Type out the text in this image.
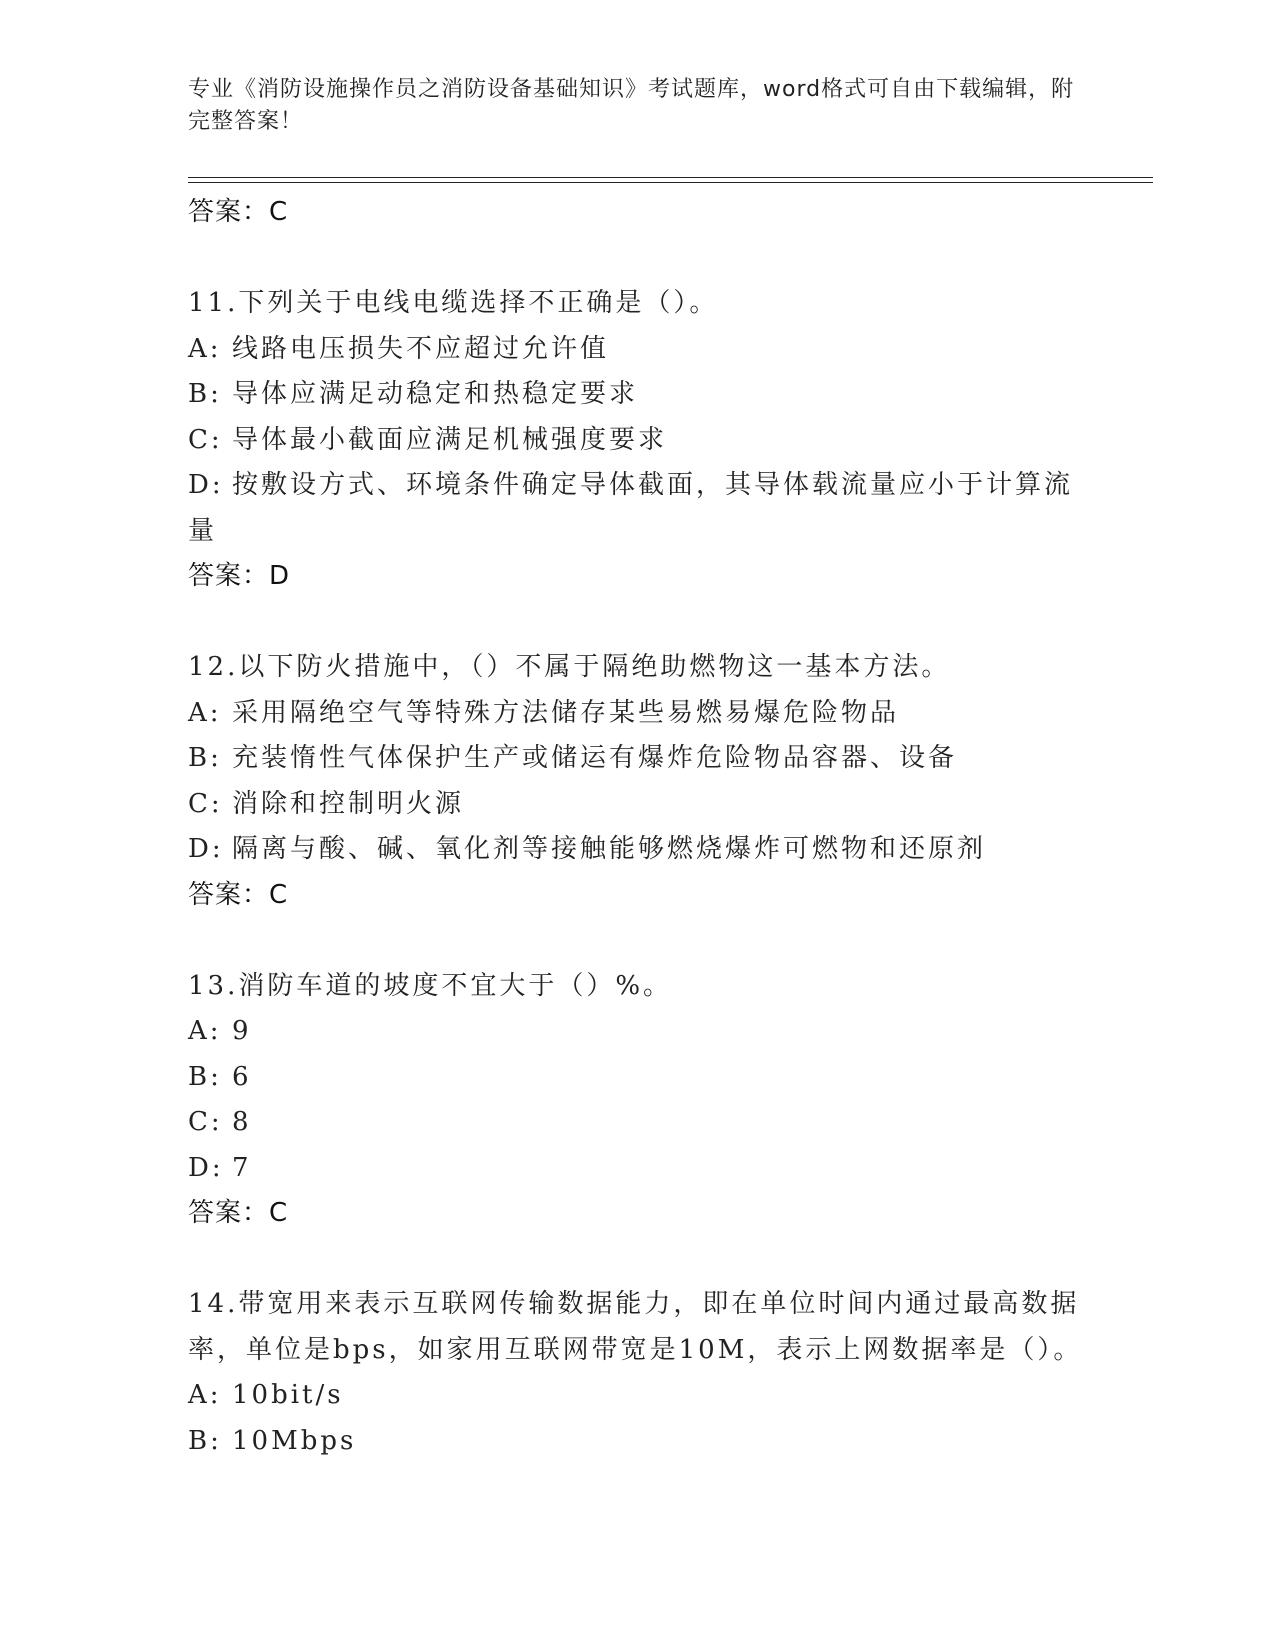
专业《消防设施操作员之消防设备基础知识》考试题库，word格式可自由下载编辑，附完整答案！
答案：C

11.下列关于电线电缆选择不正确是（）。

A: 线路电压损失不应超过允许值

B: 导体应满足动稳定和热稳定要求

C: 导体最小截面应满足机械强度要求

D: 按敷设方式、环境条件确定导体截面，其导体载流量应小于计算流量

答案：D

12.以下防火措施中，（）不属于隔绝助燃物这一基本方法。

A: 采用隔绝空气等特殊方法储存某些易燃易爆危险物品

B: 充装惰性气体保护生产或储运有爆炸危险物品容器、设备

C: 消除和控制明火源

D: 隔离与酸、碱、氧化剂等接触能够燃烧爆炸可燃物和还原剂

答案：C

13.消防车道的坡度不宜大于（）%。

A: 9

B: 6

C: 8

D: 7

答案：C

14.带宽用来表示互联网传输数据能力，即在单位时间内通过最高数据率，单位是bps，如家用互联网带宽是10M，表示上网数据率是（）。

A: 10bit/s

B: 10Mbps
